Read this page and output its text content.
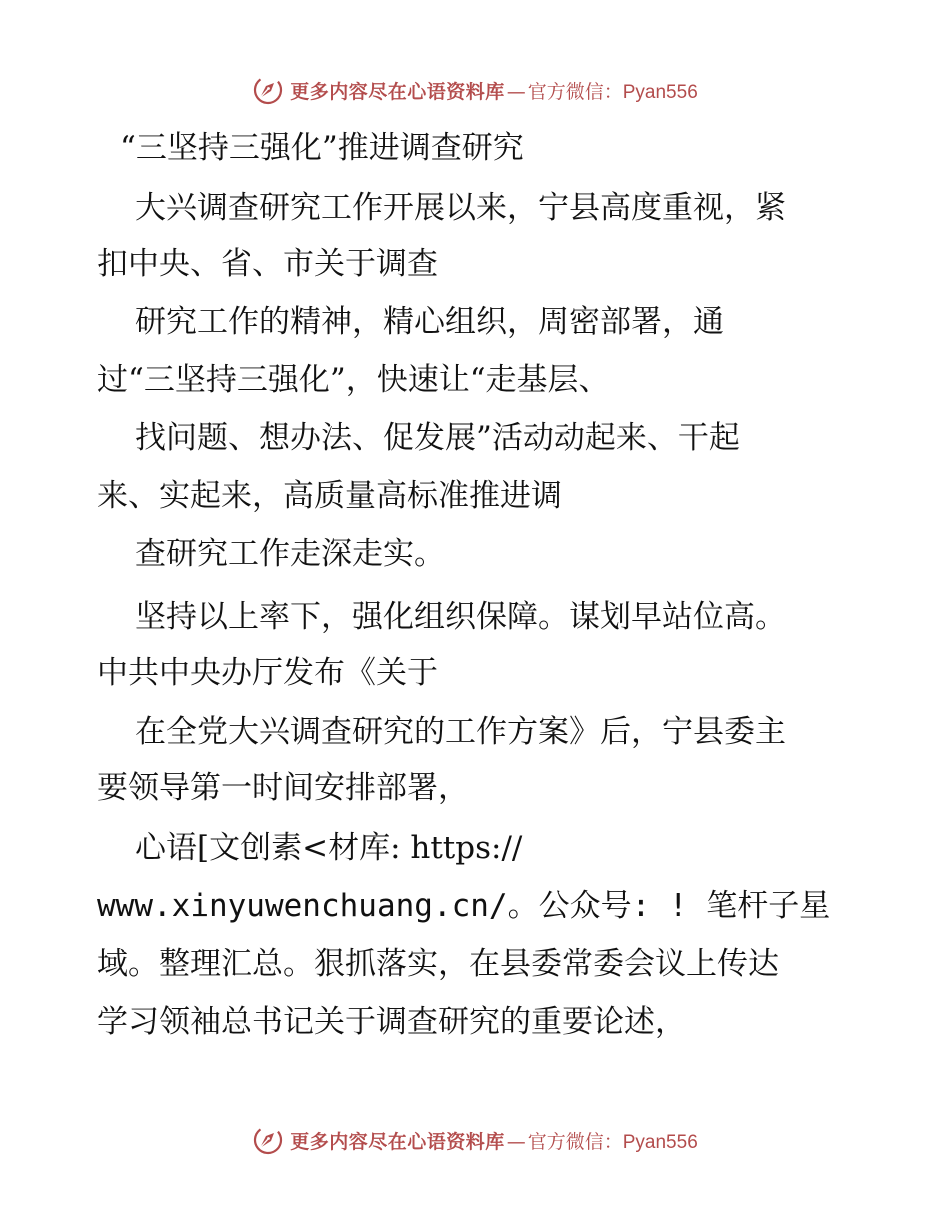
更多内容尽在心语资料库 — 官方微信： Pyan556
“三坚持三强化”推进调查研究
大兴调查研究工作开展以来，宁县高度重视，紧
扣中央、省、市关于调查
研究工作的精神，精心组织，周密部署，通
过“三坚持三强化”，快速让“走基层、
找问题、想办法、促发展”活动动起来、干起
来、实起来，高质量高标准推进调
查研究工作走深走实。
坚持以上率下，强化组织保障。谋划早站位高。
中共中央办厅发布《关于
在全党大兴调查研究的工作方案》后，宁县委主
要领导第一时间安排部署，
心语[文创素<材库: https://
www.xinyuwenchuang.cn/。公众号: ! 笔杆子星
域。整理汇总。狠抓落实，在县委常委会议上传达
学习领袖总书记关于调查研究的重要论述，
更多内容尽在心语资料库 — 官方微信： Pyan556
